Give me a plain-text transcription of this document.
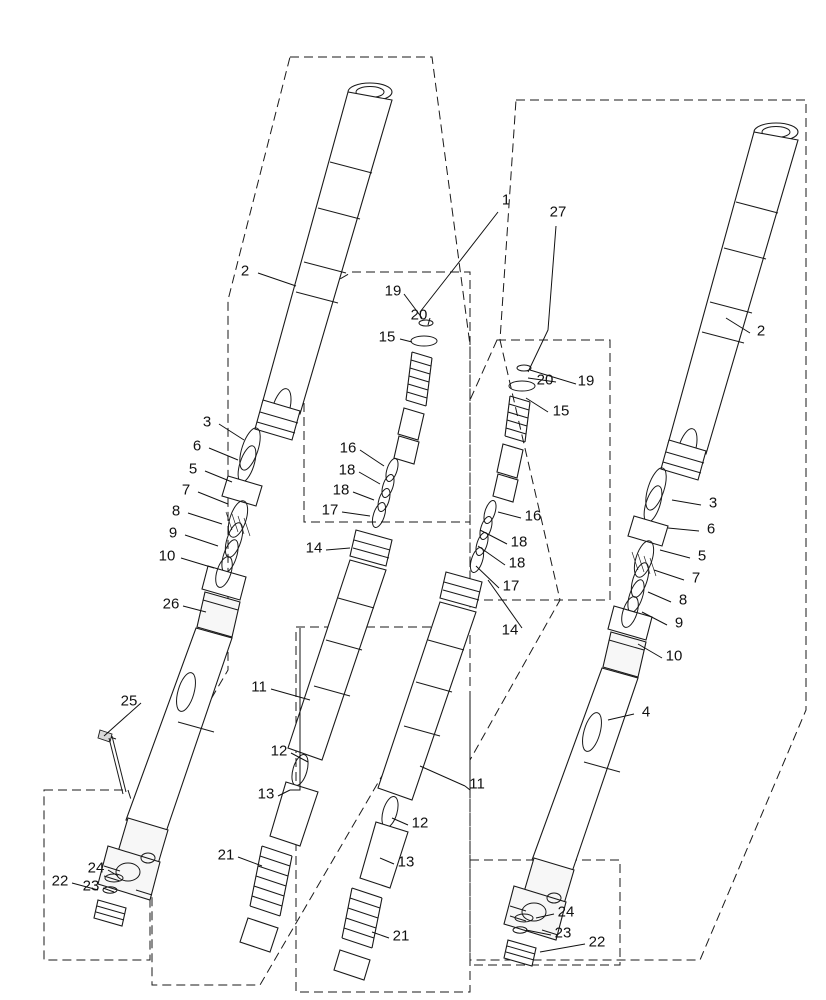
1
27
2
2
19
20
15
20 19
15
3
6	16
5	18
7	18
8	17	3
16
9	6
18
14
10	5
18
7
17
26	8
14	9
10
11
25
4
12
13
11
12
21	13
24
22 23
24
23
22
21
